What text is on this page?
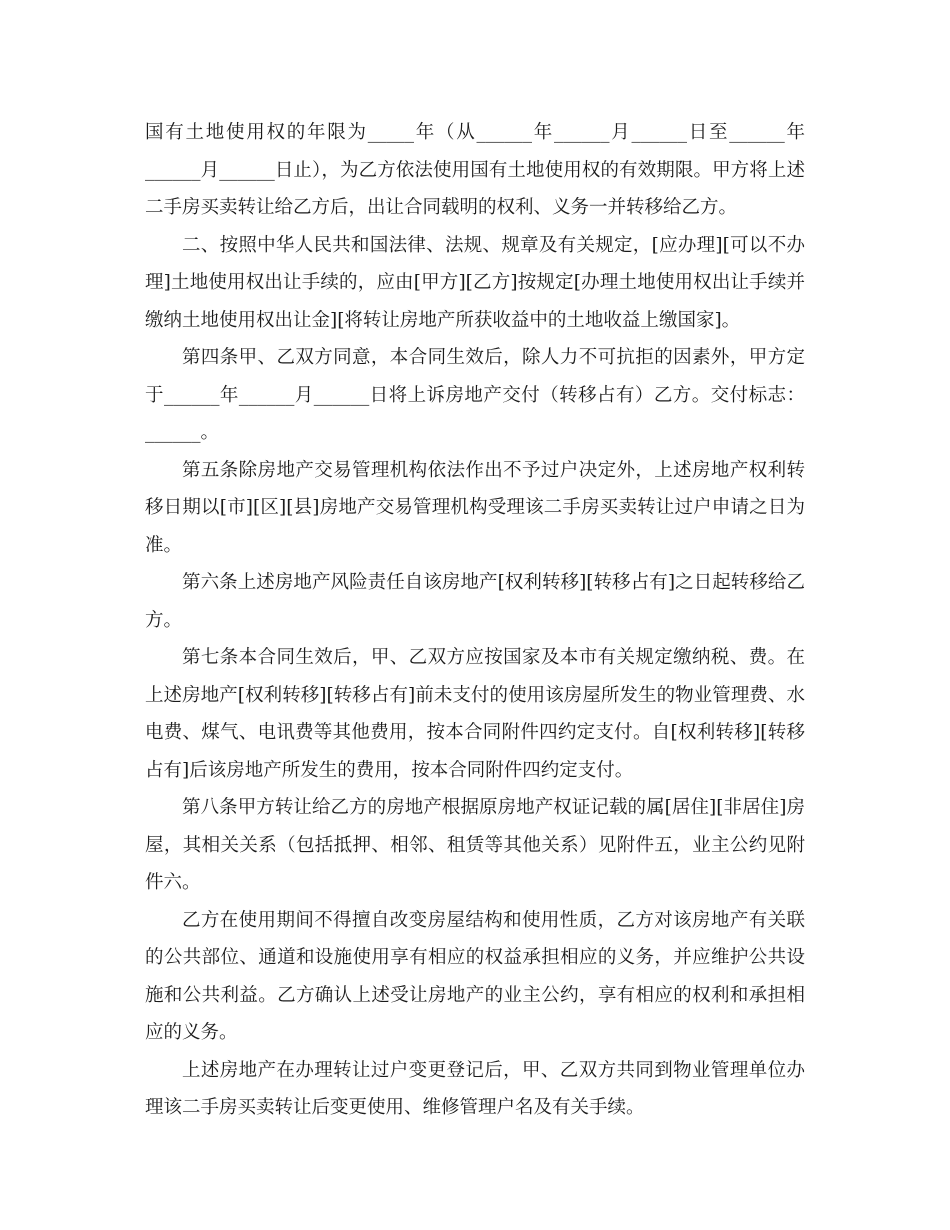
国有土地使用权的年限为_____年（从______年______月______日至______年______月______日止），为乙方依法使用国有土地使用权的有效期限。甲方将上述二手房买卖转让给乙方后，出让合同载明的权利、义务一并转移给乙方。

二、按照中华人民共和国法律、法规、规章及有关规定，[应办理][可以不办理]土地使用权出让手续的，应由[甲方][乙方]按规定[办理土地使用权出让手续并缴纳土地使用权出让金][将转让房地产所获收益中的土地收益上缴国家]。

第四条甲、乙双方同意，本合同生效后，除人力不可抗拒的因素外，甲方定于______年______月______日将上诉房地产交付（转移占有）乙方。交付标志：______。

第五条除房地产交易管理机构依法作出不予过户决定外，上述房地产权利转移日期以[市][区][县]房地产交易管理机构受理该二手房买卖转让过户申请之日为准。

第六条上述房地产风险责任自该房地产[权利转移][转移占有]之日起转移给乙方。

第七条本合同生效后，甲、乙双方应按国家及本市有关规定缴纳税、费。在上述房地产[权利转移][转移占有]前未支付的使用该房屋所发生的物业管理费、水电费、煤气、电讯费等其他费用，按本合同附件四约定支付。自[权利转移][转移占有]后该房地产所发生的费用，按本合同附件四约定支付。

第八条甲方转让给乙方的房地产根据原房地产权证记载的属[居住][非居住]房屋，其相关关系（包括抵押、相邻、租赁等其他关系）见附件五，业主公约见附件六。

乙方在使用期间不得擅自改变房屋结构和使用性质，乙方对该房地产有关联的公共部位、通道和设施使用享有相应的权益承担相应的义务，并应维护公共设施和公共利益。乙方确认上述受让房地产的业主公约，享有相应的权利和承担相应的义务。

上述房地产在办理转让过户变更登记后，甲、乙双方共同到物业管理单位办理该二手房买卖转让后变更使用、维修管理户名及有关手续。
